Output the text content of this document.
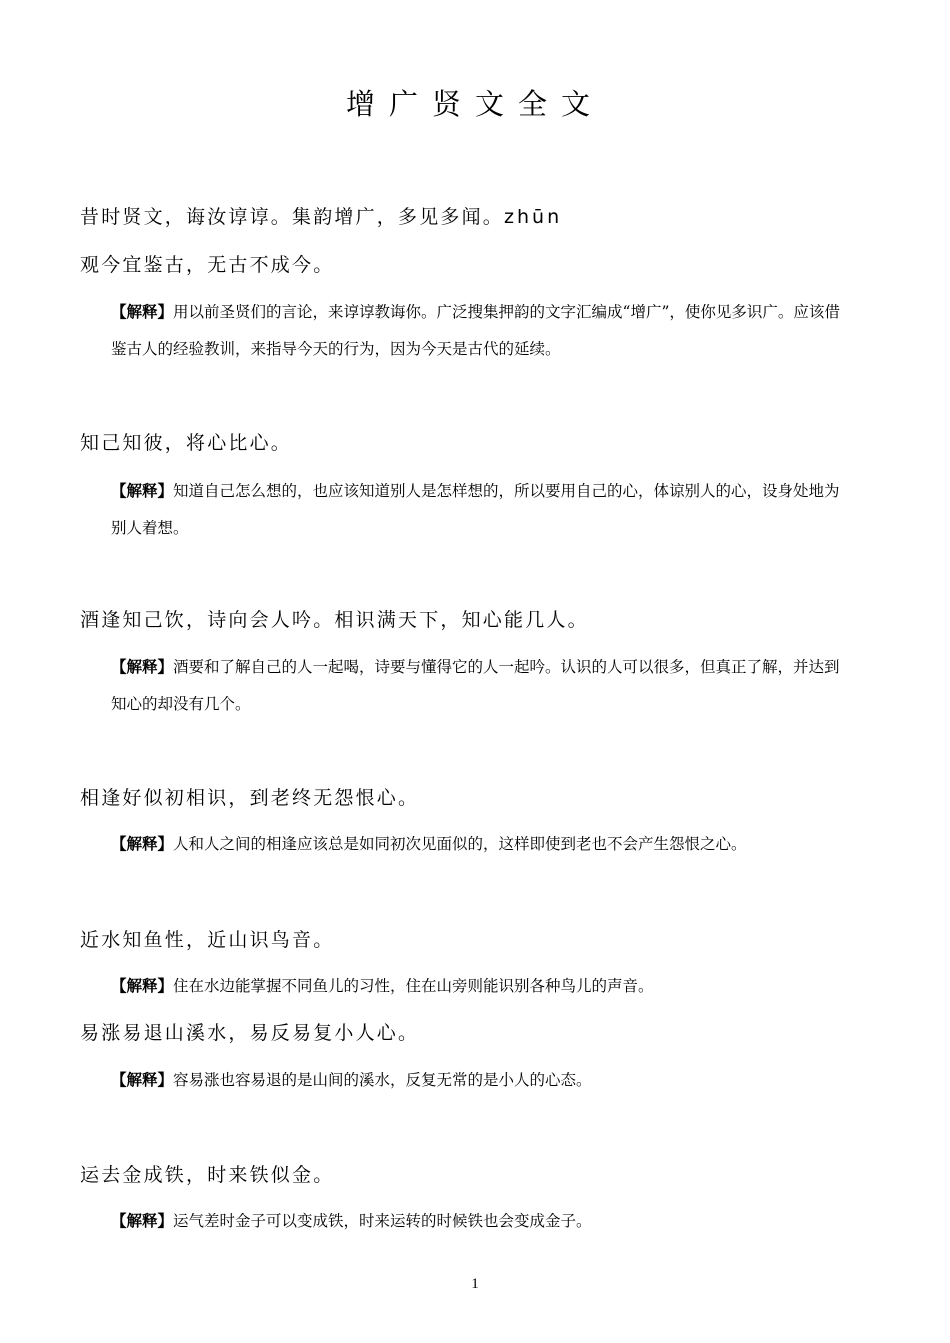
增广贤文全文
昔时贤文，诲汝谆谆。集韵增广，多见多闻。zhūn
观今宜鉴古，无古不成今。
【解释】用以前圣贤们的言论，来谆谆教诲你。广泛搜集押韵的文字汇编成“增广”，使你见多识广。应该借鉴古人的经验教训，来指导今天的行为，因为今天是古代的延续。
知己知彼，将心比心。
【解释】知道自己怎么想的，也应该知道别人是怎样想的，所以要用自己的心，体谅别人的心，设身处地为别人着想。
酒逢知己饮，诗向会人吟。相识满天下，知心能几人。
【解释】酒要和了解自己的人一起喝，诗要与懂得它的人一起吟。认识的人可以很多，但真正了解，并达到知心的却没有几个。
相逢好似初相识，到老终无怨恨心。
【解释】人和人之间的相逢应该总是如同初次见面似的，这样即使到老也不会产生怨恨之心。
近水知鱼性，近山识鸟音。
【解释】住在水边能掌握不同鱼儿的习性，住在山旁则能识别各种鸟儿的声音。
易涨易退山溪水，易反易复小人心。
【解释】容易涨也容易退的是山间的溪水，反复无常的是小人的心态。
运去金成铁，时来铁似金。
【解释】运气差时金子可以变成铁，时来运转的时候铁也会变成金子。
1
